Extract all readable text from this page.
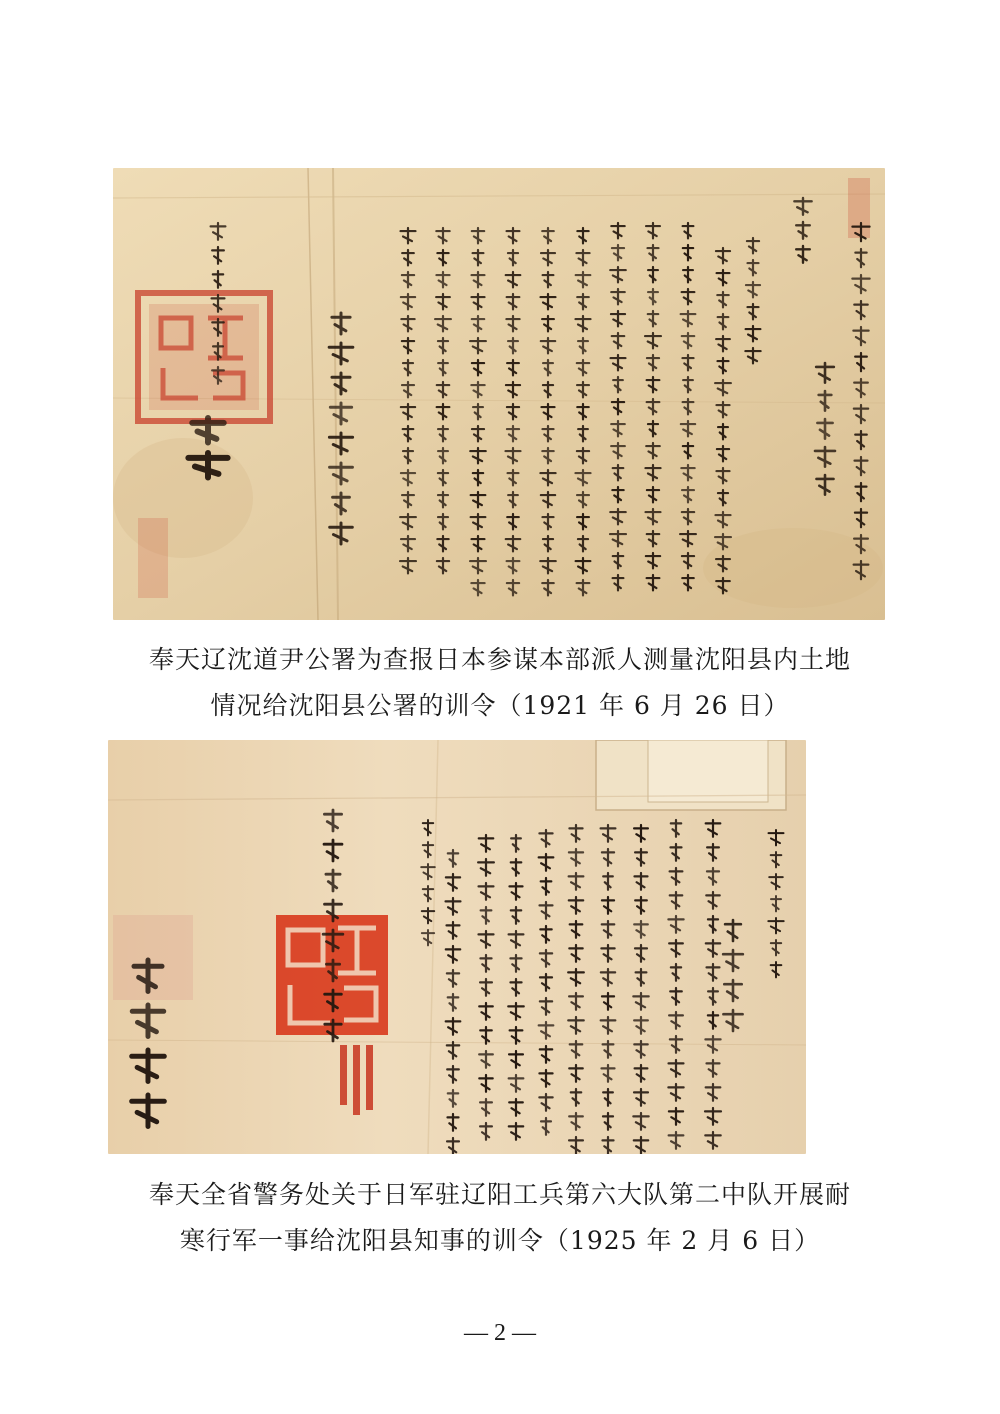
奉天辽沈道尹公署为查报日本参谋本部派人测量沈阳县内土地
情况给沈阳县公署的训令（1921 年 6 月 26 日）
奉天全省警务处关于日军驻辽阳工兵第六大队第二中队开展耐
寒行军一事给沈阳县知事的训令（1925 年 2 月 6 日）
— 2 —
